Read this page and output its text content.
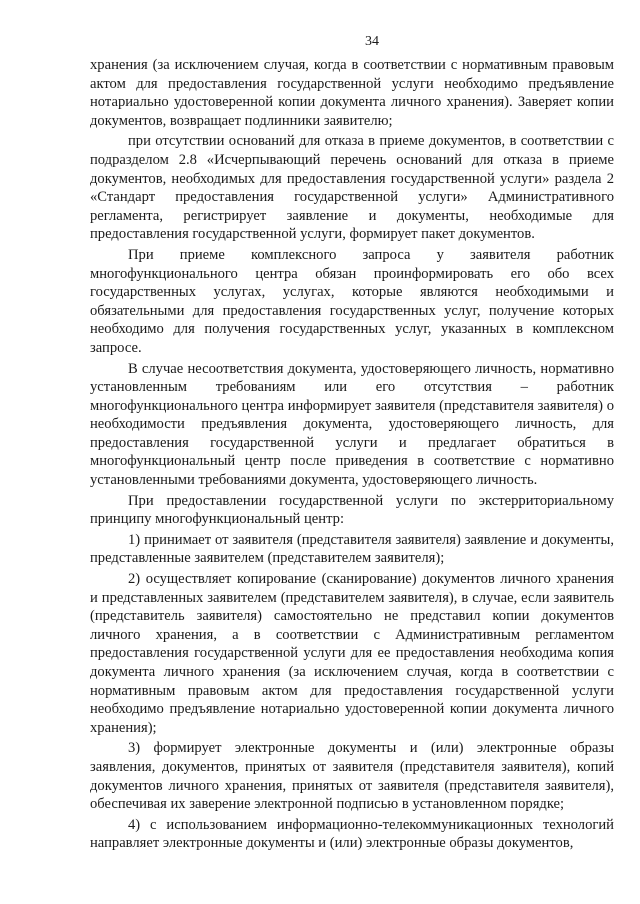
34

хранения (за исключением случая, когда в соответствии с нормативным правовым актом для предоставления государственной услуги необходимо предъявление нотариально удостоверенной копии документа личного хранения). Заверяет копии документов, возвращает подлинники заявителю;

при отсутствии оснований для отказа в приеме документов, в соответствии с подразделом 2.8 «Исчерпывающий перечень оснований для отказа в приеме документов, необходимых для предоставления государственной услуги» раздела 2 «Стандарт предоставления государственной услуги» Административного регламента, регистрирует заявление и документы, необходимые для предоставления государственной услуги, формирует пакет документов.

При приеме комплексного запроса у заявителя работник многофункционального центра обязан проинформировать его обо всех государственных услугах, услугах, которые являются необходимыми и обязательными для предоставления государственных услуг, получение которых необходимо для получения государственных услуг, указанных в комплексном запросе.

В случае несоответствия документа, удостоверяющего личность, нормативно установленным требованиям или его отсутствия – работник многофункционального центра информирует заявителя (представителя заявителя) о необходимости предъявления документа, удостоверяющего личность, для предоставления государственной услуги и предлагает обратиться в многофункциональный центр после приведения в соответствие с нормативно установленными требованиями документа, удостоверяющего личность.

При предоставлении государственной услуги по экстерриториальному принципу многофункциональный центр:

1) принимает от заявителя (представителя заявителя) заявление и документы, представленные заявителем (представителем заявителя);

2) осуществляет копирование (сканирование) документов личного хранения и представленных заявителем (представителем заявителя), в случае, если заявитель (представитель заявителя) самостоятельно не представил копии документов личного хранения, а в соответствии с Административным регламентом предоставления государственной услуги для ее предоставления необходима копия документа личного хранения (за исключением случая, когда в соответствии с нормативным правовым актом для предоставления государственной услуги необходимо предъявление нотариально удостоверенной копии документа личного хранения);

3) формирует электронные документы и (или) электронные образы заявления, документов, принятых от заявителя (представителя заявителя), копий документов личного хранения, принятых от заявителя (представителя заявителя), обеспечивая их заверение электронной подписью в установленном порядке;

4) с использованием информационно-телекоммуникационных технологий направляет электронные документы и (или) электронные образы документов,
